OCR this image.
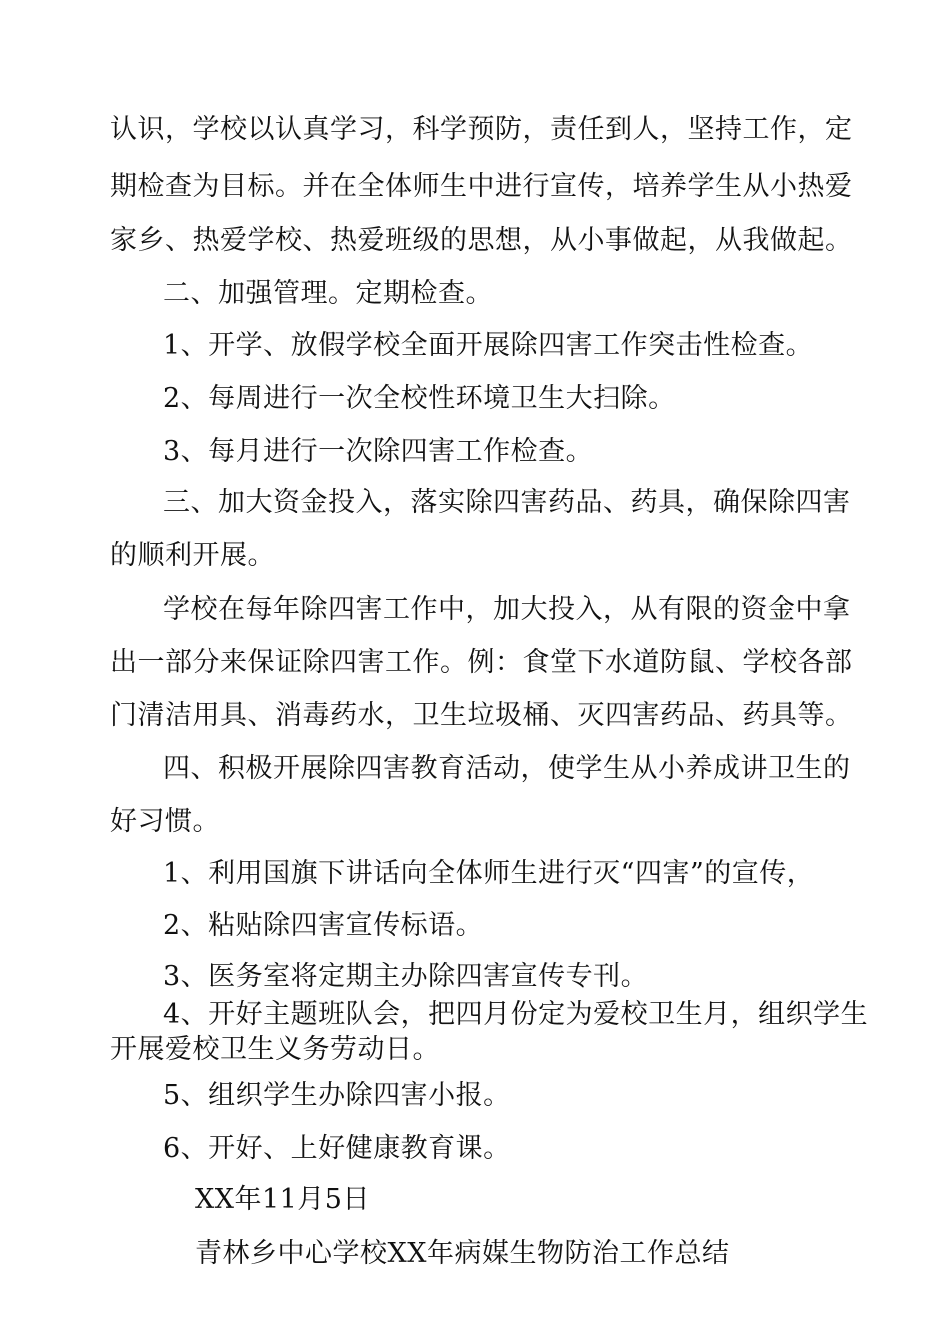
认识，学校以认真学习，科学预防，责任到人，坚持工作，定

期检查为目标。并在全体师生中进行宣传，培养学生从小热爱

家乡、热爱学校、热爱班级的思想，从小事做起，从我做起。

二、加强管理。定期检查。

1、开学、放假学校全面开展除四害工作突击性检查。

2、每周进行一次全校性环境卫生大扫除。

3、每月进行一次除四害工作检查。

三、加大资金投入，落实除四害药品、药具，确保除四害

的顺利开展。

学校在每年除四害工作中，加大投入，从有限的资金中拿

出一部分来保证除四害工作。例：食堂下水道防鼠、学校各部

门清洁用具、消毒药水，卫生垃圾桶、灭四害药品、药具等。

四、积极开展除四害教育活动，使学生从小养成讲卫生的

好习惯。

1、利用国旗下讲话向全体师生进行灭“四害”的宣传，

2、粘贴除四害宣传标语。

3、医务室将定期主办除四害宣传专刊。

4、开好主题班队会，把四月份定为爱校卫生月，组织学生

开展爱校卫生义务劳动日。

5、组织学生办除四害小报。

6、开好、上好健康教育课。

XX年11月5日

青林乡中心学校XX年病媒生物防治工作总结
